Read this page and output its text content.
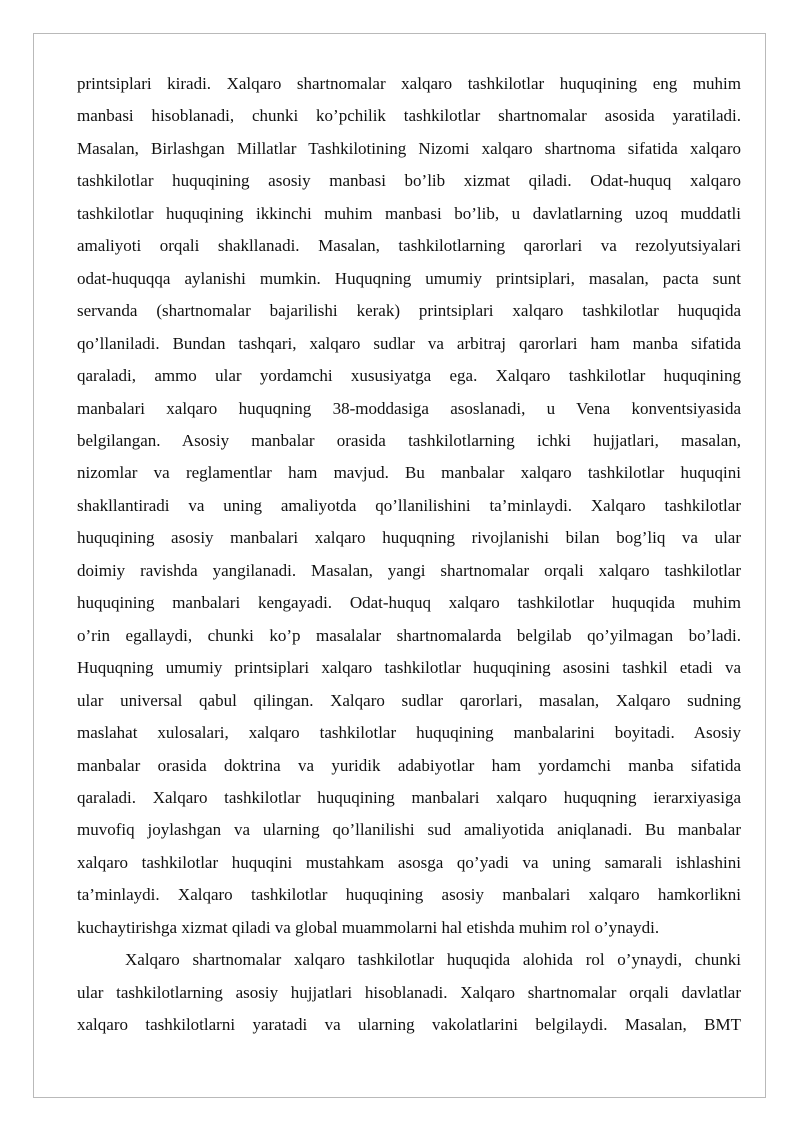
printsiplari kiradi. Xalqaro shartnomalar xalqaro tashkilotlar huquqining eng muhim

manbasi hisoblanadi, chunki ko’pchilik tashkilotlar shartnomalar asosida yaratiladi.

Masalan, Birlashgan Millatlar Tashkilotining Nizomi xalqaro shartnoma sifatida xalqaro

tashkilotlar huquqining asosiy manbasi bo’lib xizmat qiladi. Odat-huquq xalqaro

tashkilotlar huquqining ikkinchi muhim manbasi bo’lib, u davlatlarning uzoq muddatli

amaliyoti orqali shakllanadi. Masalan, tashkilotlarning qarorlari va rezolyutsiyalari

odat-huquqqa aylanishi mumkin. Huquqning umumiy printsiplari, masalan, pacta sunt

servanda (shartnomalar bajarilishi kerak) printsiplari xalqaro tashkilotlar huquqida

qo’llaniladi. Bundan tashqari, xalqaro sudlar va arbitraj qarorlari ham manba sifatida

qaraladi, ammo ular yordamchi xususiyatga ega. Xalqaro tashkilotlar huquqining

manbalari xalqaro huquqning 38-moddasiga asoslanadi, u Vena konventsiyasida

belgilangan. Asosiy manbalar orasida tashkilotlarning ichki hujjatlari, masalan,

nizomlar va reglamentlar ham mavjud. Bu manbalar xalqaro tashkilotlar huquqini

shakllantiradi va uning amaliyotda qo’llanilishini ta’minlaydi. Xalqaro tashkilotlar

huquqining asosiy manbalari xalqaro huquqning rivojlanishi bilan bog’liq va ular

doimiy ravishda yangilanadi. Masalan, yangi shartnomalar orqali xalqaro tashkilotlar

huquqining manbalari kengayadi. Odat-huquq xalqaro tashkilotlar huquqida muhim

o’rin egallaydi, chunki ko’p masalalar shartnomalarda belgilab qo’yilmagan bo’ladi.

Huquqning umumiy printsiplari xalqaro tashkilotlar huquqining asosini tashkil etadi va

ular universal qabul qilingan. Xalqaro sudlar qarorlari, masalan, Xalqaro sudning

maslahat xulosalari, xalqaro tashkilotlar huquqining manbalarini boyitadi. Asosiy

manbalar orasida doktrina va yuridik adabiyotlar ham yordamchi manba sifatida

qaraladi. Xalqaro tashkilotlar huquqining manbalari xalqaro huquqning ierarxiyasiga

muvofiq joylashgan va ularning qo’llanilishi sud amaliyotida aniqlanadi. Bu manbalar

xalqaro tashkilotlar huquqini mustahkam asosga qo’yadi va uning samarali ishlashini

ta’minlaydi. Xalqaro tashkilotlar huquqining asosiy manbalari xalqaro hamkorlikni

kuchaytirishga xizmat qiladi va global muammolarni hal etishda muhim rol o’ynaydi.

Xalqaro shartnomalar xalqaro tashkilotlar huquqida alohida rol o’ynaydi, chunki

ular tashkilotlarning asosiy hujjatlari hisoblanadi. Xalqaro shartnomalar orqali davlatlar

xalqaro tashkilotlarni yaratadi va ularning vakolatlarini belgilaydi. Masalan, BMT
